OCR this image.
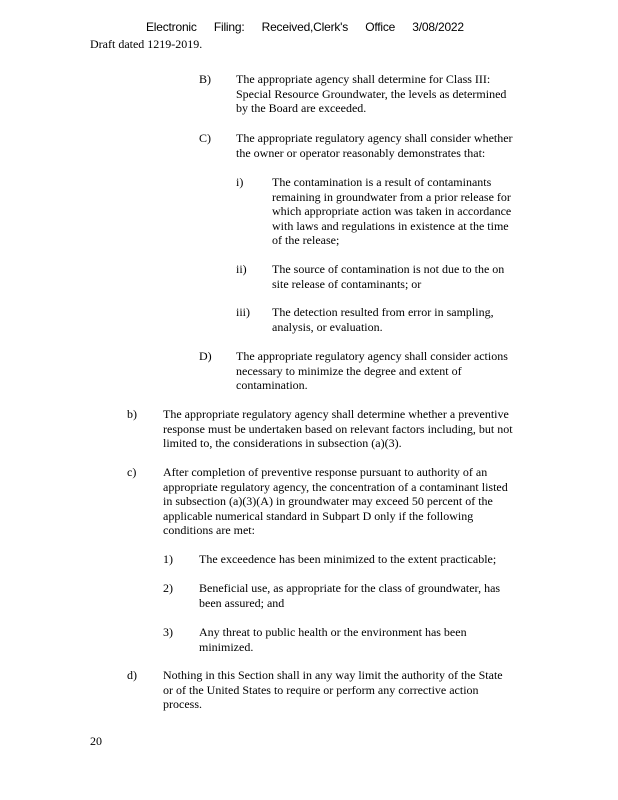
Electronic Filing: Received,Clerk's Office 3/08/2022
Draft dated 1219-2019.
B) The appropriate agency shall determine for Class III:
Special Resource Groundwater, the levels as determined
by the Board are exceeded.
C) The appropriate regulatory agency shall consider whether
the owner or operator reasonably demonstrates that:
i) The contamination is a result of contaminants
remaining in groundwater from a prior release for
which appropriate action was taken in accordance
with laws and regulations in existence at the time
of the release;
ii) The source of contamination is not due to the on
site release of contaminants; or
iii) The detection resulted from error in sampling,
analysis, or evaluation.
D) The appropriate regulatory agency shall consider actions
necessary to minimize the degree and extent of
contamination.
b) The appropriate regulatory agency shall determine whether a preventive
response must be undertaken based on relevant factors including, but not
limited to, the considerations in subsection (a)(3).
c) After completion of preventive response pursuant to authority of an
appropriate regulatory agency, the concentration of a contaminant listed
in subsection (a)(3)(A) in groundwater may exceed 50 percent of the
applicable numerical standard in Subpart D only if the following
conditions are met:
1) The exceedence has been minimized to the extent practicable;
2) Beneficial use, as appropriate for the class of groundwater, has
been assured; and
3) Any threat to public health or the environment has been
minimized.
d) Nothing in this Section shall in any way limit the authority of the State
or of the United States to require or perform any corrective action
process.
20
